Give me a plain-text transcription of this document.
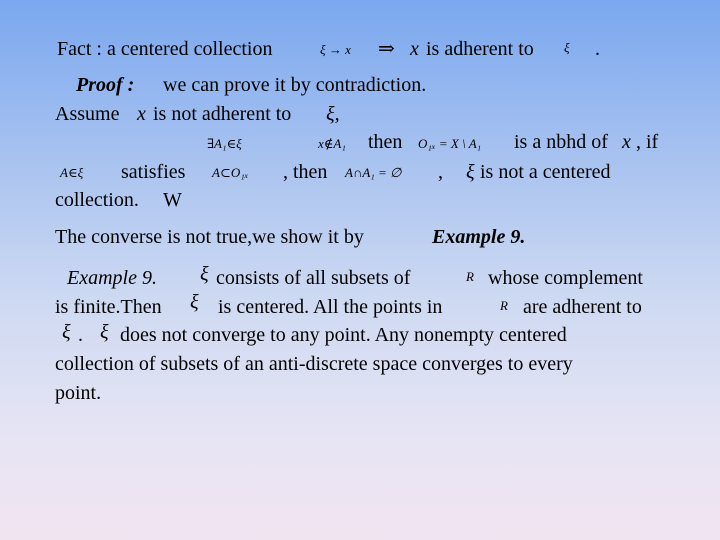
Fact : a centered collection	ξ → x ⇒ x is adherent to ξ .
Proof : we can prove it by contradiction.
Assume x is not adherent to ξ,
∃A₁∈ξ	x∉A₁ then O₁ₓ = X \ A₁ is a nbhd of x , if
A∈ξ satisfies A⊂O₁ₓ , then A∩A₁ = ∅ , ξ is not a centered
collection. W
The converse is not true,we show it by	Example 9.
Example 9. ξ consists of all subsets of	R whose complement
is finite.Then ξ is centered. All the points in	R are adherent to
ξ . ξ does not converge to any point. Any nonempty centered
collection of subsets of an anti-discrete space converges to every
point.
